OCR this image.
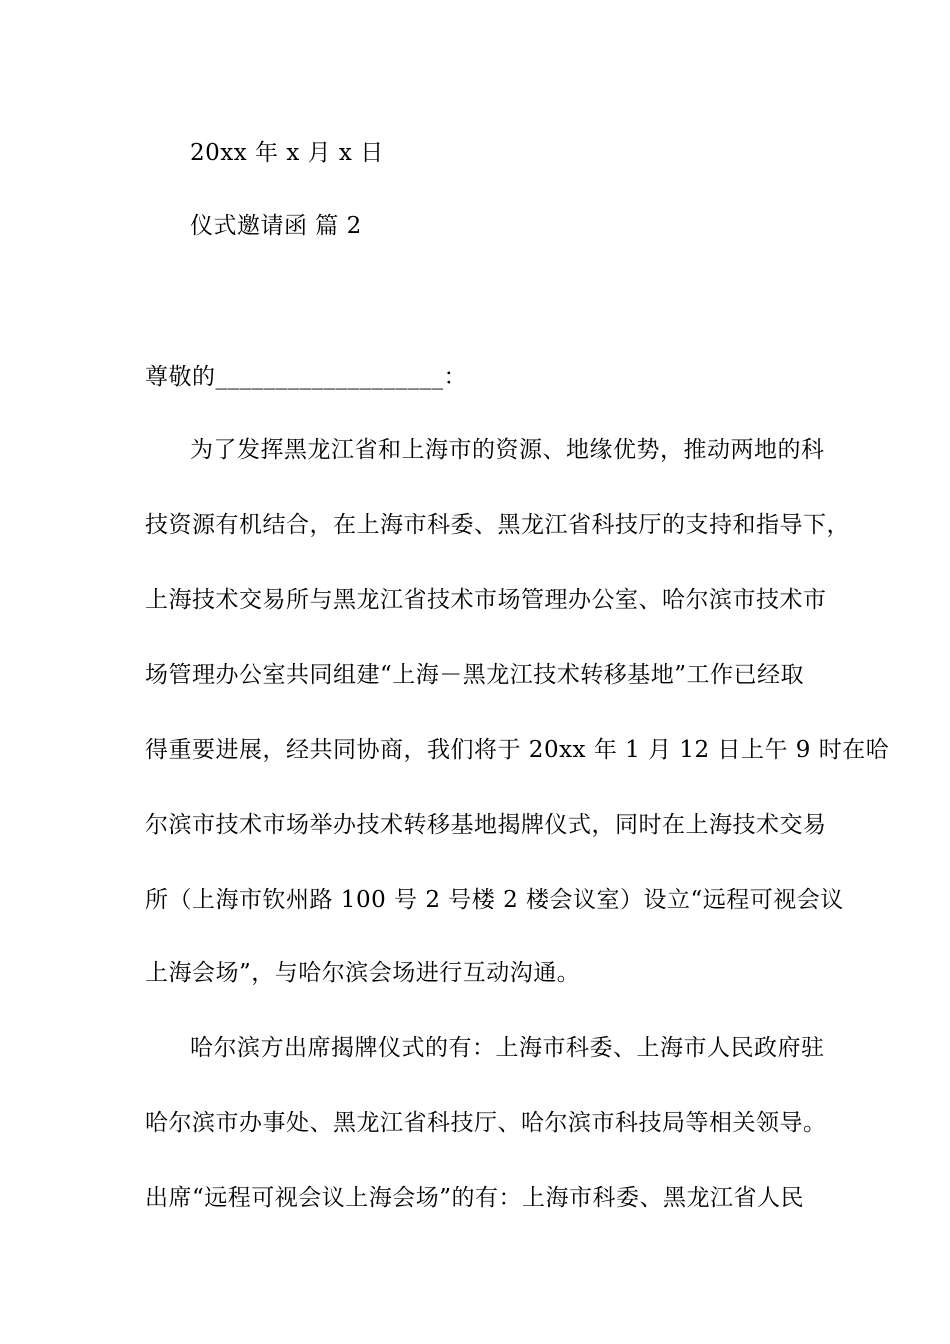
20xx 年 x 月 x 日
仪式邀请函 篇 2
尊敬的___________________：
为了发挥黑龙江省和上海市的资源、地缘优势，推动两地的科
技资源有机结合，在上海市科委、黑龙江省科技厅的支持和指导下，
上海技术交易所与黑龙江省技术市场管理办公室、哈尔滨市技术市
场管理办公室共同组建“上海－黑龙江技术转移基地”工作已经取
得重要进展，经共同协商，我们将于 20xx 年 1 月 12 日上午 9 时在哈
尔滨市技术市场举办技术转移基地揭牌仪式，同时在上海技术交易
所（上海市钦州路 100 号 2 号楼 2 楼会议室）设立“远程可视会议
上海会场”，与哈尔滨会场进行互动沟通。
哈尔滨方出席揭牌仪式的有：上海市科委、上海市人民政府驻
哈尔滨市办事处、黑龙江省科技厅、哈尔滨市科技局等相关领导。
出席“远程可视会议上海会场”的有：上海市科委、黑龙江省人民
